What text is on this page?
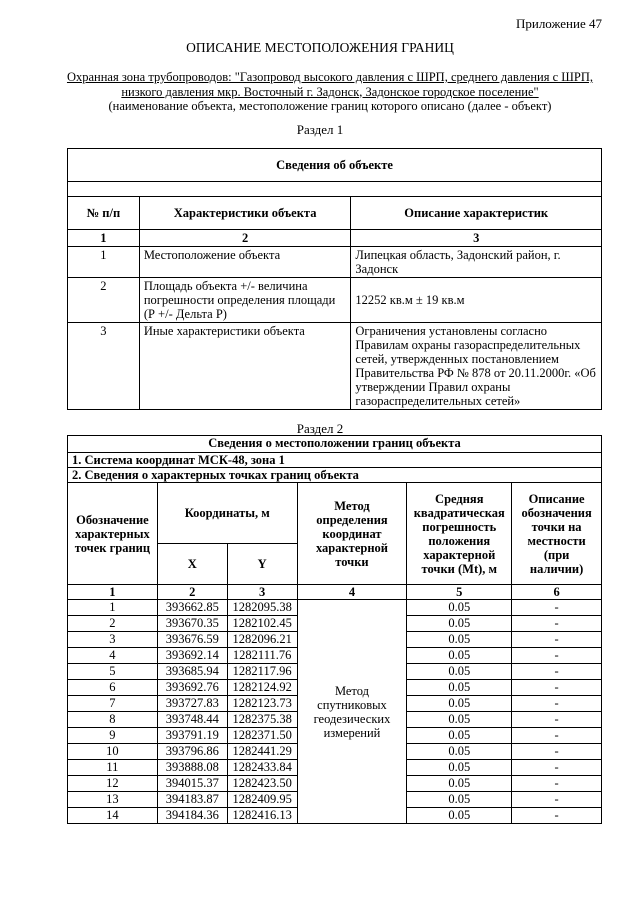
Приложение 47
ОПИСАНИЕ МЕСТОПОЛОЖЕНИЯ ГРАНИЦ
Охранная зона трубопроводов: "Газопровод высокого давления с ШРП, среднего давления с ШРП, низкого давления мкр. Восточный г. Задонск, Задонское городское поселение"
(наименование объекта, местоположение границ которого описано (далее - объект)
Раздел 1
Сведения об объекте		

№ п/п	Характеристики объекта	Описание характеристик
1	2	3
1	Местоположение объекта	Липецкая область, Задонский район, г. Задонск
2	Площадь объекта +/- величина погрешности определения площади (Р +/- Дельта Р)	12252 кв.м ± 19 кв.м
3	Иные характеристики объекта	Ограничения установлены согласно Правилам охраны газораспределительных сетей, утвержденных постановлением Правительства РФ № 878 от 20.11.2000г. «Об утверждении Правил охраны газораспределительных сетей»
Раздел 2
Сведения о местоположении границ объекта					
1. Система координат МСК-48, зона 1					
2. Сведения о характерных точках границ объекта					
Обозначение характерных точек границ	Координаты, м		Метод определения координат характерной точки	Средняя квадратическая погрешность положения характерной точки (Mt), м	Описание обозначения точки на местности (при наличии)
	X	Y			
1	2	3	4	5	6
1	393662.85	1282095.38	Метод спутниковых геодезических измерений	0.05	-
2	393670.35	1282102.45		0.05	-
3	393676.59	1282096.21		0.05	-
4	393692.14	1282111.76		0.05	-
5	393685.94	1282117.96		0.05	-
6	393692.76	1282124.92		0.05	-
7	393727.83	1282123.73		0.05	-
8	393748.44	1282375.38		0.05	-
9	393791.19	1282371.50		0.05	-
10	393796.86	1282441.29		0.05	-
11	393888.08	1282433.84		0.05	-
12	394015.37	1282423.50		0.05	-
13	394183.87	1282409.95		0.05	-
14	394184.36	1282416.13		0.05	-
